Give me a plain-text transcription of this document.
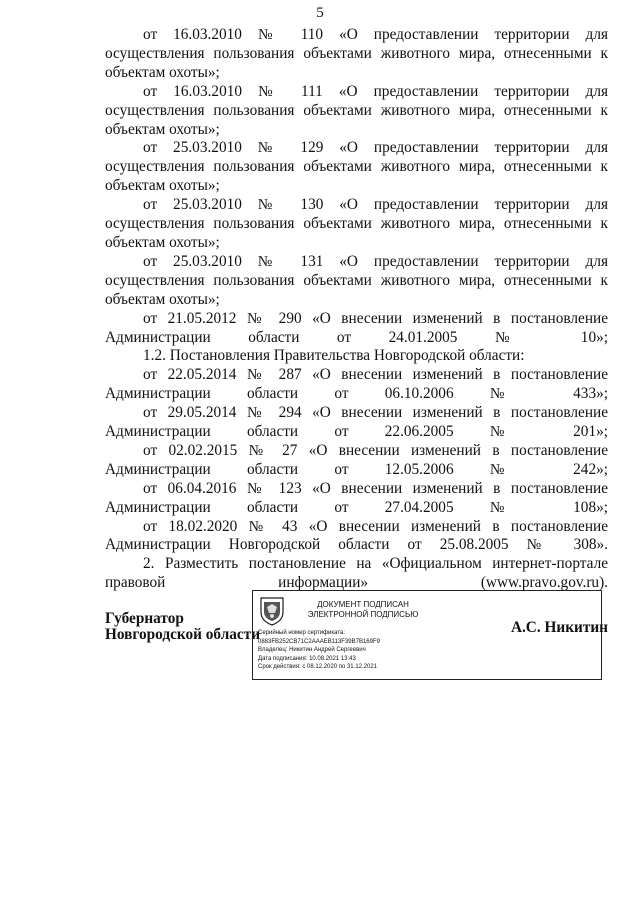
5

от 16.03.2010 № 110 «О предоставлении территории для осуществления пользования объектами животного мира, отнесенными к объектам охоты»;

от 16.03.2010 № 111 «О предоставлении территории для осуществления пользования объектами животного мира, отнесенными к объектам охоты»;

от 25.03.2010 № 129 «О предоставлении территории для осуществления пользования объектами животного мира, отнесенными к объектам охоты»;

от 25.03.2010 № 130 «О предоставлении территории для осуществления пользования объектами животного мира, отнесенными к объектам охоты»;

от 25.03.2010 № 131 «О предоставлении территории для осуществления пользования объектами животного мира, отнесенными к объектам охоты»;

от 21.05.2012 № 290 «О внесении изменений в постановление Администрации области от 24.01.2005 № 10»;

1.2. Постановления Правительства Новгородской области:

от 22.05.2014 № 287 «О внесении изменений в постановление Администрации области от 06.10.2006 № 433»;

от 29.05.2014 № 294 «О внесении изменений в постановление Администрации области от 22.06.2005 № 201»;

от 02.02.2015 № 27 «О внесении изменений в постановление Администрации области от 12.05.2006 № 242»;

от 06.04.2016 № 123 «О внесении изменений в постановление Администрации области от 27.04.2005 № 108»;

от 18.02.2020 № 43 «О внесении изменений в постановление Администрации Новгородской области от 25.08.2005 № 308».

2. Разместить постановление на «Официальном интернет-портале правовой информации» (www.pravo.gov.ru).

Губернатор
Новгородской области
ДОКУМЕНТ ПОДПИСАН
ЭЛЕКТРОННОЙ ПОДПИСЬЮ
Серийный номер сертификата:
0883FB252CB71C2AAAEB113F39B7B169F9
Владелец: Никитин Андрей Сергеевич
Дата подписания: 10.08.2021 13:43
Срок действия: с 08.12.2020 по 31.12.2021
А.С. Никитин
